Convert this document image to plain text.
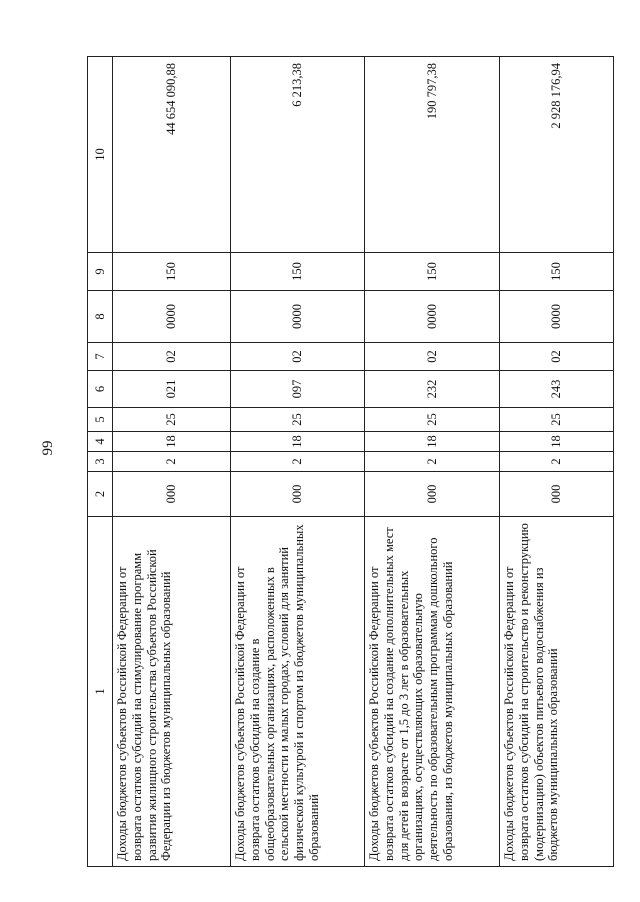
99
1	2	3	4	5	6	7	8	9	10
Доходы бюджетов субъектов Российской Федерации от возврата остатков субсидий на стимулирование программ развития жилищного строительства субъектов Российской Федерации из бюджетов муниципальных образований	000	2	18	25	021	02	0000	150	44 654 090,88
Доходы бюджетов субъектов Российской Федерации от возврата остатков субсидий на создание в общеобразовательных организациях, расположенных в сельской местности и малых городах, условий для занятий физической культурой и спортом из бюджетов муниципальных образований	000	2	18	25	097	02	0000	150	6 213,38
Доходы бюджетов субъектов Российской Федерации от возврата остатков субсидий на создание дополнительных мест для детей в возрасте от 1,5 до 3 лет в образовательных организациях, осуществляющих образовательную деятельность по образовательным программам дошкольного образования, из бюджетов муниципальных образований	000	2	18	25	232	02	0000	150	190 797,38
Доходы бюджетов субъектов Российской Федерации от возврата остатков субсидий на строительство и реконструкцию (модернизацию) объектов питьевого водоснабжения из бюджетов муниципальных образований	000	2	18	25	243	02	0000	150	2 928 176,94
